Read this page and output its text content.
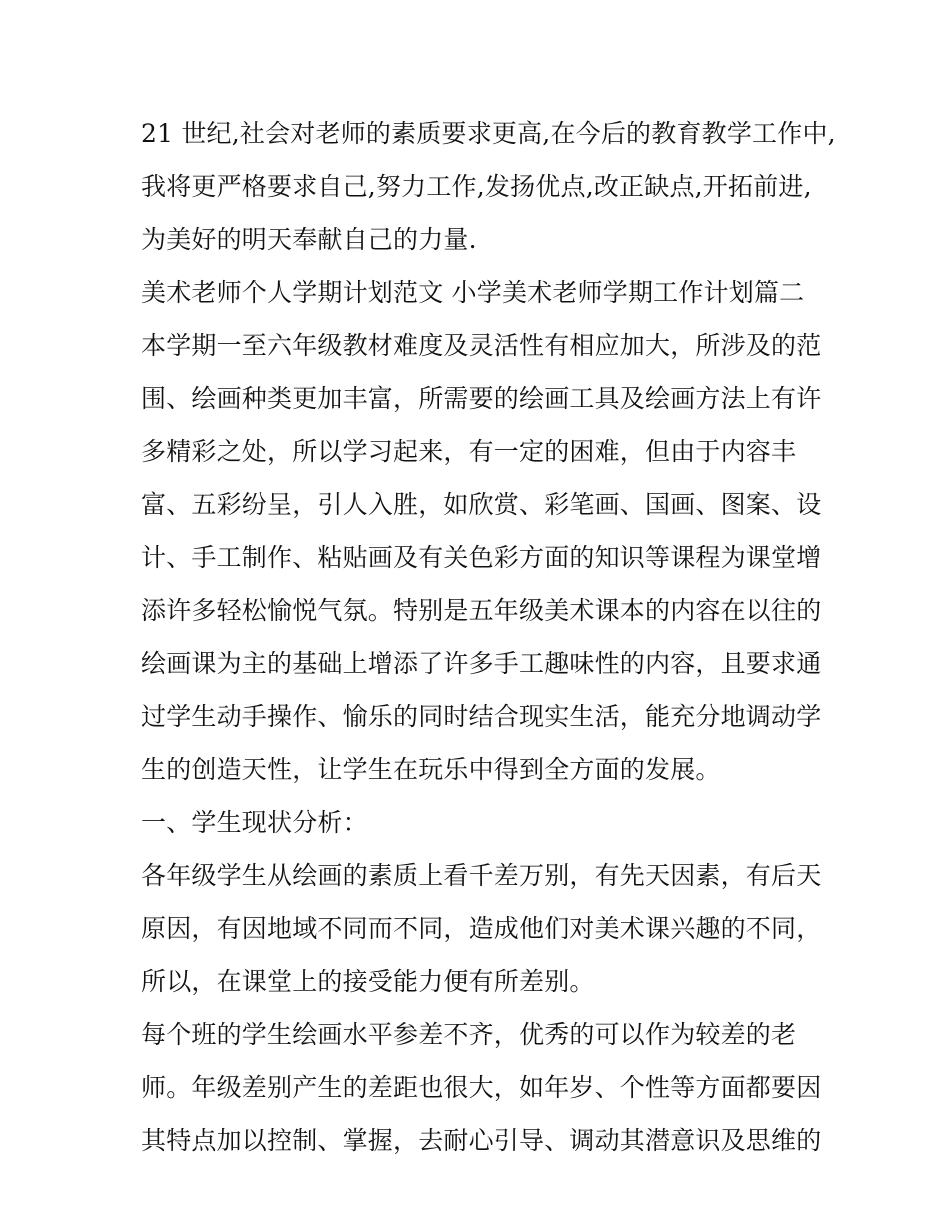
21 世纪,社会对老师的素质要求更高,在今后的教育教学工作中,
我将更严格要求自己,努力工作,发扬优点,改正缺点,开拓前进,
为美好的明天奉献自己的力量.
美术老师个人学期计划范文 小学美术老师学期工作计划篇二
本学期一至六年级教材难度及灵活性有相应加大，所涉及的范
围、绘画种类更加丰富，所需要的绘画工具及绘画方法上有许
多精彩之处，所以学习起来，有一定的困难，但由于内容丰
富、五彩纷呈，引人入胜，如欣赏、彩笔画、国画、图案、设
计、手工制作、粘贴画及有关色彩方面的知识等课程为课堂增
添许多轻松愉悦气氛。特别是五年级美术课本的内容在以往的
绘画课为主的基础上增添了许多手工趣味性的内容，且要求通
过学生动手操作、愉乐的同时结合现实生活，能充分地调动学
生的创造天性，让学生在玩乐中得到全方面的发展。
一、学生现状分析：
各年级学生从绘画的素质上看千差万别，有先天因素，有后天
原因，有因地域不同而不同，造成他们对美术课兴趣的不同，
所以，在课堂上的接受能力便有所差别。
每个班的学生绘画水平参差不齐，优秀的可以作为较差的老
师。年级差别产生的差距也很大，如年岁、个性等方面都要因
其特点加以控制、掌握，去耐心引导、调动其潜意识及思维的
